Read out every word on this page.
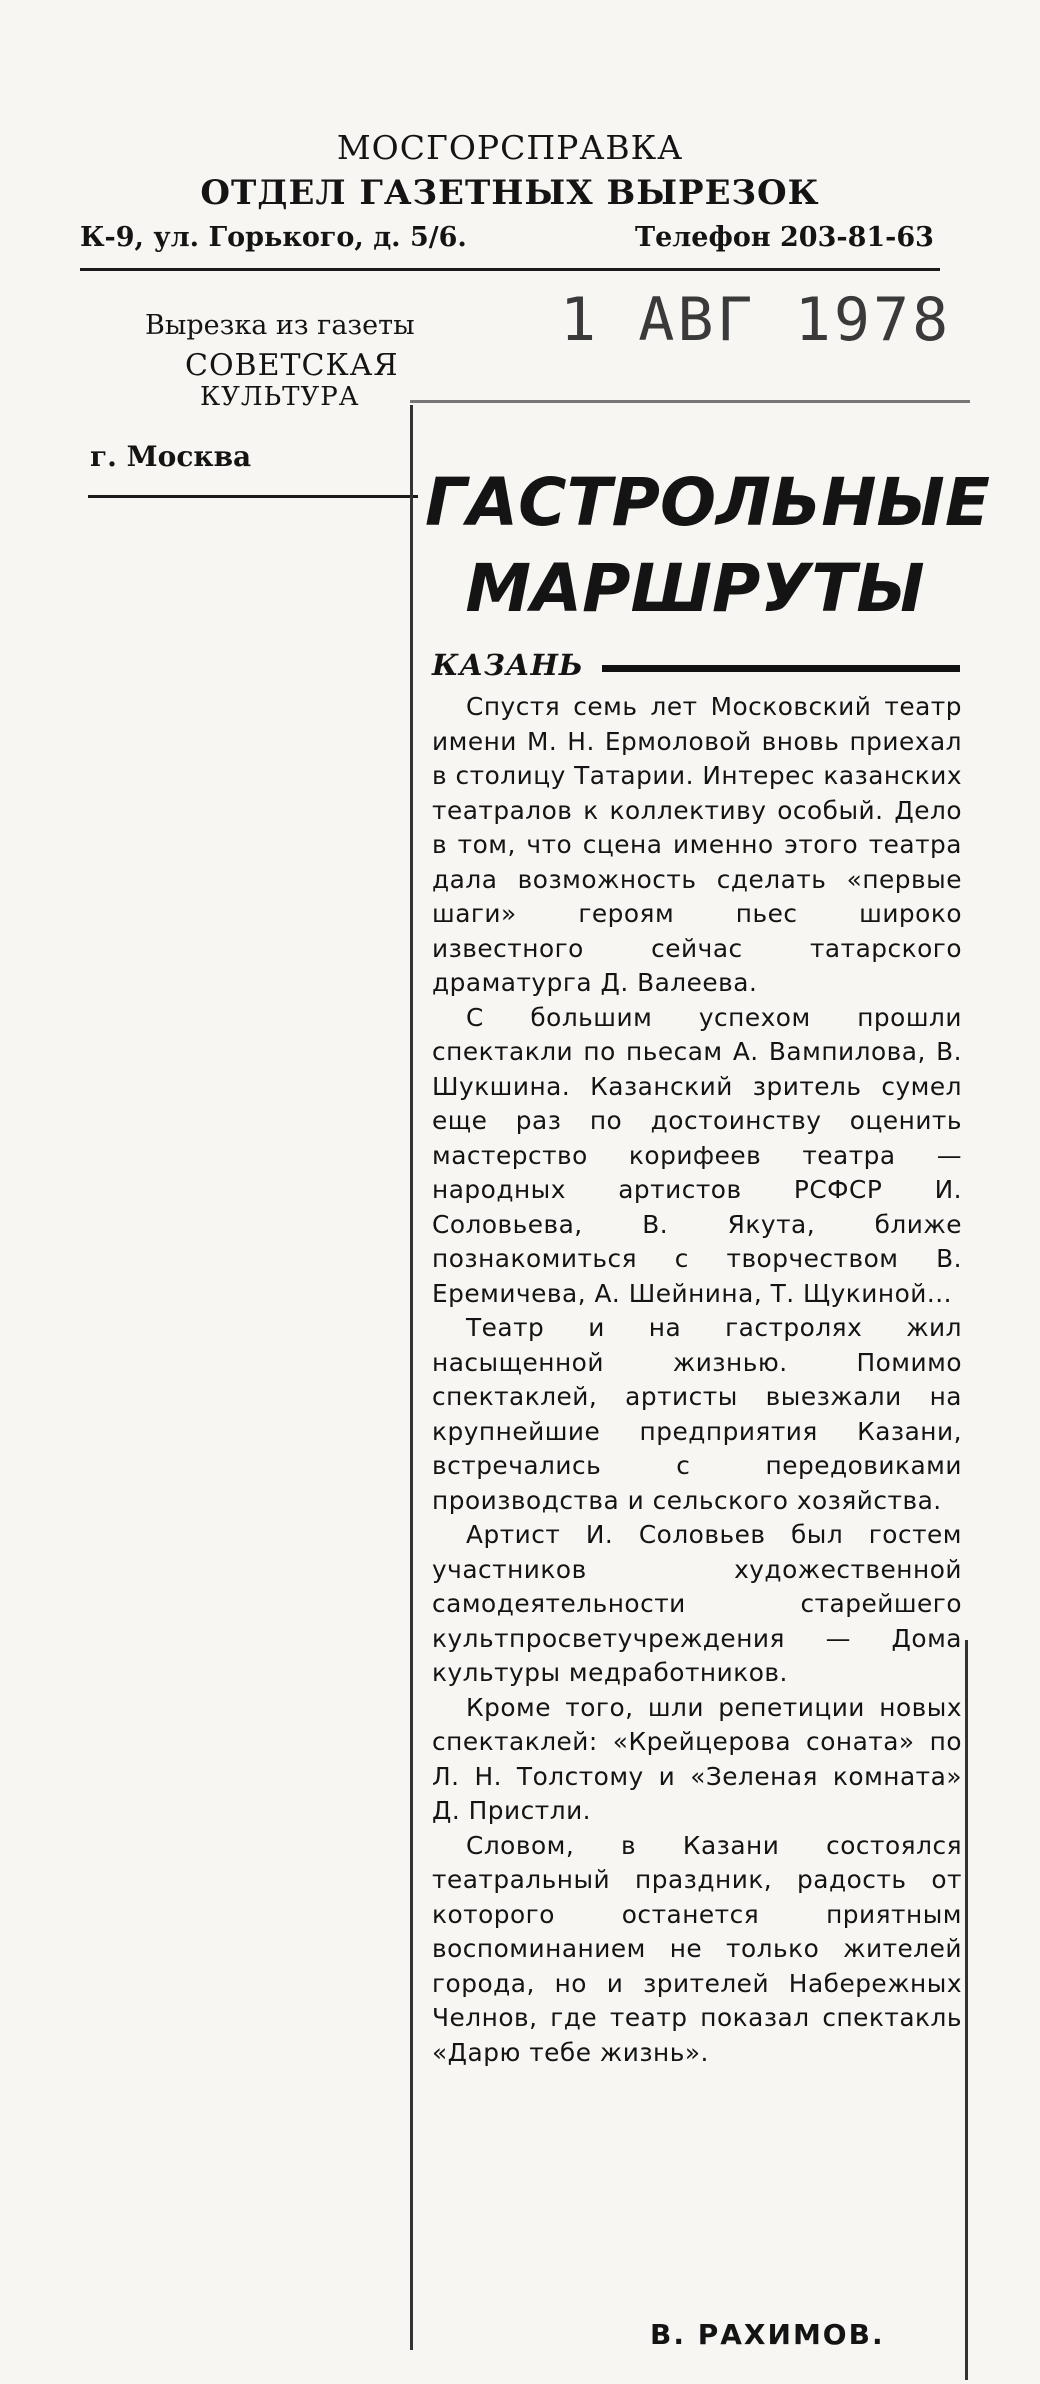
МОСГОРСПРАВКА
ОТДЕЛ ГАЗЕТНЫХ ВЫРЕЗОК
К-9, ул. Горького, д. 5/6.	Телефон 203-81-63
Вырезка из газеты 1 АВГ 1978
СОВЕТСКАЯ
КУЛЬТУРА
г. Москва
ГАСТРОЛЬНЫЕ МАРШРУТЫ
КАЗАНЬ

Спустя семь лет Московский театр имени М. Н. Ермоловой вновь приехал в столицу Татарии. Интерес казанских театралов к коллективу особый. Дело в том, что сцена именно этого театра дала возможность сделать «первые шаги» героям пьес широко известного сейчас татарского драматурга Д. Валеева.

С большим успехом прошли спектакли по пьесам А. Вампилова, В. Шукшина. Казанский зритель сумел еще раз по достоинству оценить мастерство корифеев театра — народных артистов РСФСР И. Соловьева, В. Якута, ближе познакомиться с творчеством В. Еремичева, А. Шейнина, Т. Щукиной...

Театр и на гастролях жил насыщенной жизнью. Помимо спектаклей, артисты выезжали на крупнейшие предприятия Казани, встречались с передовиками производства и сельского хозяйства.

Артист И. Соловьев был гостем участников художественной самодеятельности старейшего культпросветучреждения — Дома культуры медработников.

Кроме того, шли репетиции новых спектаклей: «Крейцерова соната» по Л. Н. Толстому и «Зеленая комната» Д. Пристли.

Словом, в Казани состоялся театральный праздник, радость от которого останется приятным воспоминанием не только жителей города, но и зрителей Набережных Челнов, где театр показал спектакль «Дарю тебе жизнь».

В. РАХИМОВ.
